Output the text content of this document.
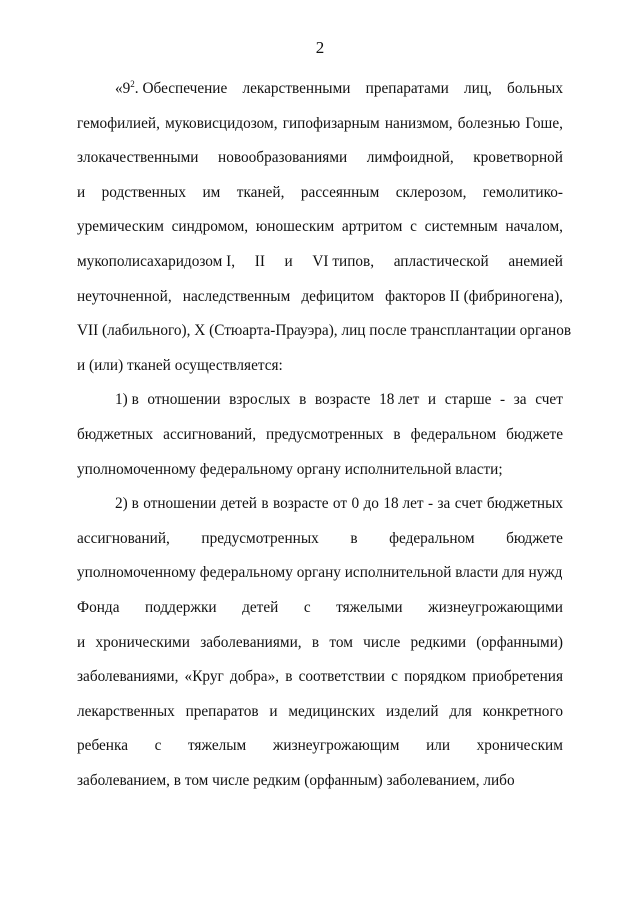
2
«$9^2$. Обеспечение лекарственными препаратами лиц, больных
гемофилией, муковисцидозом, гипофизарным нанизмом, болезнью Гоше,
злокачественными новообразованиями лимфоидной, кроветворной
и родственных им тканей, рассеянным склерозом, гемолитико-
уремическим синдромом, юношеским артритом с системным началом,
мукополисахаридозом I, II и VI типов, апластической анемией
неуточненной, наследственным дефицитом факторов II (фибриногена),
VII (лабильного), X (Стюарта-Прауэра), лиц после трансплантации органов
и (или) тканей осуществляется:
1) в отношении взрослых в возрасте 18 лет и старше - за счет
бюджетных ассигнований, предусмотренных в федеральном бюджете
уполномоченному федеральному органу исполнительной власти;
2) в отношении детей в возрасте от 0 до 18 лет - за счет бюджетных
ассигнований, предусмотренных в федеральном бюджете
уполномоченному федеральному органу исполнительной власти для нужд
Фонда поддержки детей с тяжелыми жизнеугрожающими
и хроническими заболеваниями, в том числе редкими (орфанными)
заболеваниями, «Круг добра», в соответствии с порядком приобретения
лекарственных препаратов и медицинских изделий для конкретного
ребенка с тяжелым жизнеугрожающим или хроническим
заболеванием, в том числе редким (орфанным) заболеванием, либо
